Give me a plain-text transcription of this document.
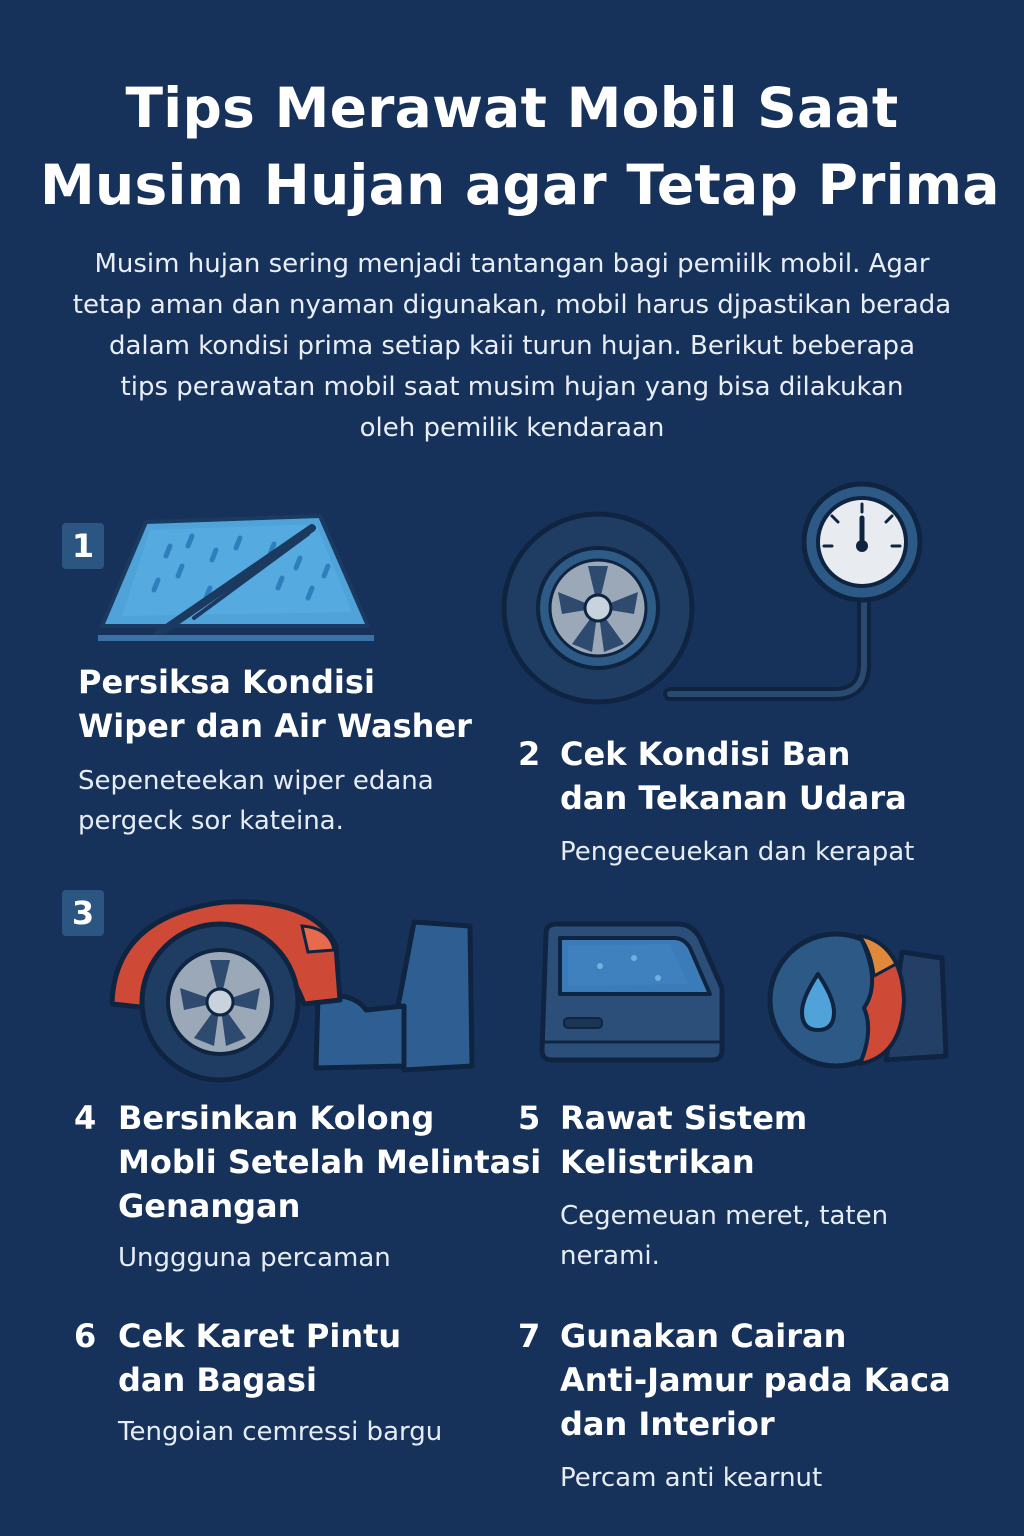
Tips Merawat Mobil Saat
Musim Hujan agar Tetap Prima
Musim hujan sering menjadi tantangan bagi pemiilk mobil. Agar
tetap aman dan nyaman digunakan, mobil harus djpastikan berada
dalam kondisi prima setiap kaii turun hujan. Berikut beberapa
tips perawatan mobil saat musim hujan yang bisa dilakukan
oleh pemilik kendaraan
1
Persiksa Kondisi
Wiper dan Air Washer
Sepeneteekan wiper edana
pergeck sor kateina.
2 Cek Kondisi Ban
dan Tekanan Udara
Pengeceuekan dan kerapat
3
4 Bersinkan Kolong
Mobli Setelah Melintasi
Genangan
Unggguna percaman
5 Rawat Sistem
Kelistrikan
Cegemeuan meret, taten
nerami.
6 Cek Karet Pintu
dan Bagasi
Tengoian cemressi bargu
7 Gunakan Cairan
Anti-Jamur pada Kaca
dan Interior
Percam anti kearnut
